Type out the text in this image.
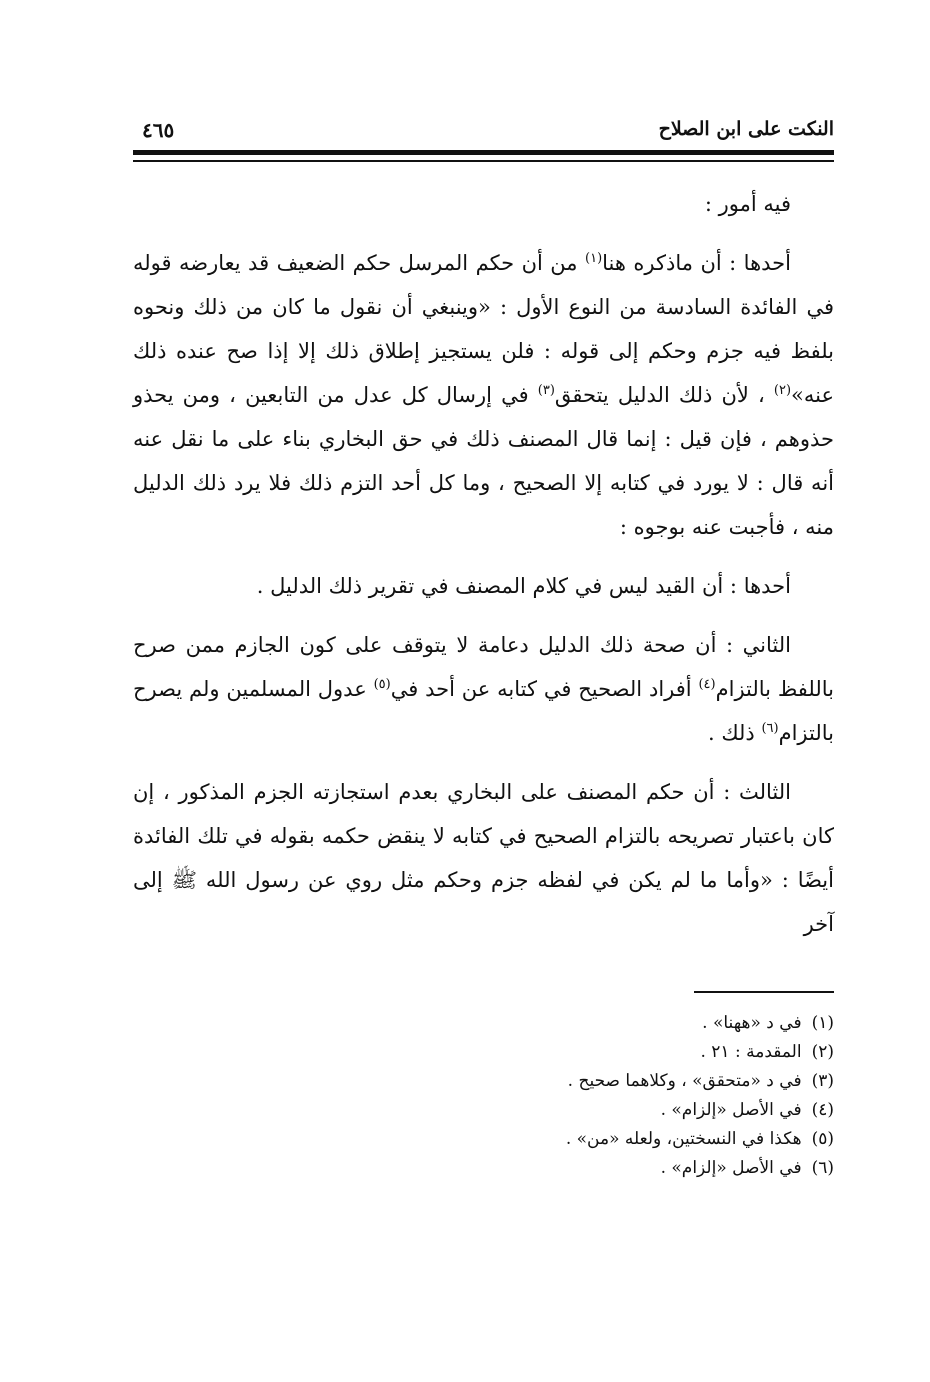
النكت على ابن الصلاح
٤٦٥

فيه أمور :

أحدها : أن ماذكره هنا$^{(١)}$ من أن حكم المرسل حكم الضعيف قد يعارضه قوله في الفائدة السادسة من النوع الأول : «وينبغي أن نقول ما كان من ذلك ونحوه بلفظ فيه جزم وحكم إلى قوله : فلن يستجيز إطلاق ذلك إلا إذا صح عنده ذلك عنه»$^{(٢)}$ ، لأن ذلك الدليل يتحقق$^{(٣)}$ في إرسال كل عدل من التابعين ، ومن يحذو حذوهم ، فإن قيل : إنما قال المصنف ذلك في حق البخاري بناء على ما نقل عنه أنه قال : لا يورد في كتابه إلا الصحيح ، وما كل أحد التزم ذلك فلا يرد ذلك الدليل منه ، فأجبت عنه بوجوه :

أحدها : أن القيد ليس في كلام المصنف في تقرير ذلك الدليل .

الثاني : أن صحة ذلك الدليل دعامة لا يتوقف على كون الجازم ممن صرح باللفظ بالتزام$^{(٤)}$ أفراد الصحيح في كتابه عن أحد في$^{(٥)}$ عدول المسلمين ولم يصرح بالتزام$^{(٦)}$ ذلك .

الثالث : أن حكم المصنف على البخاري بعدم استجازته الجزم المذكور ، إن كان باعتبار تصريحه بالتزام الصحيح في كتابه لا ينقض حكمه بقوله في تلك الفائدة أيضًا : «وأما ما لم يكن في لفظه جزم وحكم مثل روي عن رسول الله ﷺ إلى آخر

(١)في د «ههنا» .
(٢)المقدمة : ٢١ .
(٣)في د «متحقق» ، وكلاهما صحيح .
(٤)في الأصل «إلزام» .
(٥)هكذا في النسختين، ولعله «من» .
(٦)في الأصل «إلزام» .
